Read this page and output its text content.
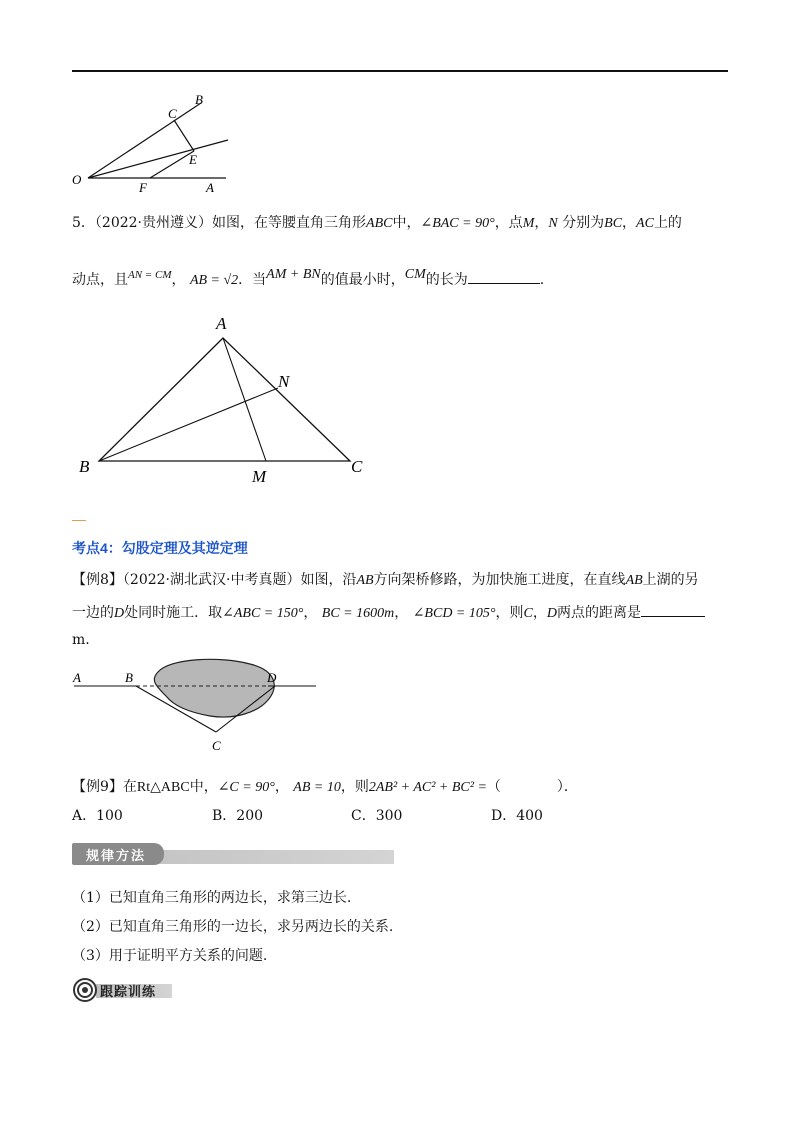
O
C
B
E
F	A
5．（2022·贵州遵义）如图，在等腰直角三角形ABC中，∠BAC = 90°，点M，N 分别为BC，AC上的
动点，且$^{AN = CM}$， AB = √2．当AM + BN的值最小时，CM的长为	.
A
B	C
M
N
考点4：勾股定理及其逆定理
【例8】（2022·湖北武汉·中考真题）如图，沿AB方向架桥修路，为加快施工进度，在直线AB上湖的另
一边的D处同时施工．取∠ABC = 150°， BC = 1600m， ∠BCD = 105°，则C，D两点的距离是
m.
A	B
C
D
【例9】在Rt△ABC中，∠C = 90°， AB = 10，则2AB² + AC² + BC² =（　　　　）．
A．100	B．200	C．300	D．400
规律方法
（1）已知直角三角形的两边长，求第三边长.
（2）已知直角三角形的一边长，求另两边长的关系.
（3）用于证明平方关系的问题.
跟踪训练
